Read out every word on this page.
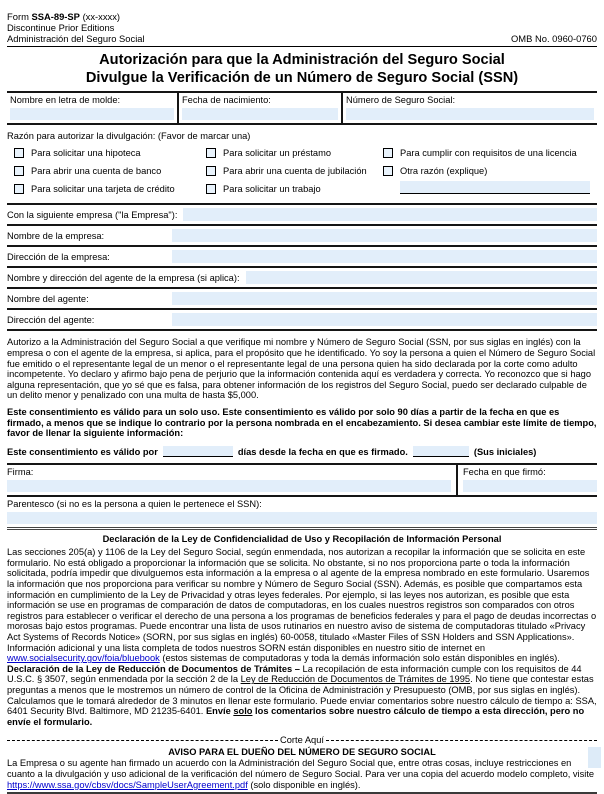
Form SSA-89-SP (xx-xxxx)
Discontinue Prior Editions
Administración del Seguro Social	OMB No. 0960-0760
Autorización para que la Administración del Seguro Social
Divulgue la Verificación de un Número de Seguro Social (SSN)
Nombre en letra de molde:	Fecha de nacimiento:	Número de Seguro Social:
Razón para autorizar la divulgación: (Favor de marcar una)
Para solicitar una hipoteca
Para abrir una cuenta de banco
Para solicitar una tarjeta de crédito
Para solicitar un préstamo
Para abrir una cuenta de jubilación
Para solicitar un trabajo
Para cumplir con requisitos de una licencia
Otra razón (explique)
Con la siguiente empresa ("la Empresa"):
Nombre de la empresa:
Dirección de la empresa:
Nombre y dirección del agente de la empresa (si aplica):
Nombre del agente:
Dirección del agente:

Autorizo a la Administración del Seguro Social a que verifique mi nombre y Número de Seguro Social (SSN, por sus siglas en inglés) con la empresa o con el agente de la empresa, si aplica, para el propósito que he identificado. Yo soy la persona a quien el Número de Seguro Social fue emitido o el representante legal de un menor o el representante legal de una persona quien ha sido declarada por la corte como adulto incompetente. Yo declaro y afirmo bajo pena de perjurio que la información contenida aquí es verdadera y correcta. Yo reconozco que si hago alguna representación, que yo sé que es falsa, para obtener información de los registros del Seguro Social, puedo ser declarado culpable de un delito menor y penalizado con una multa de hasta $5,000.

Este consentimiento es válido para un solo uso. Este consentimiento es válido por solo 90 días a partir de la fecha en que es firmado, a menos que se indique lo contrario por la persona nombrada en el encabezamiento. Si desea cambiar este límite de tiempo, favor de llenar la siguiente información:

Este consentimiento es válido por	días desde la fecha en que es firmado.	(Sus iniciales)
Firma:	Fecha en que firmó:
Parentesco (si no es la persona a quien le pertenece el SSN):
Declaración de la Ley de Confidencialidad de Uso y Recopilación de Información Personal
Las secciones 205(a) y 1106 de la Ley del Seguro Social, según enmendada, nos autorizan a recopilar la información que se solicita en este formulario. No está obligado a proporcionar la información que se solicita. No obstante, si no nos proporciona parte o toda la información solicitada, podría impedir que divulguemos esta información a la empresa o al agente de la empresa nombrado en este formulario. Usaremos la información que nos proporciona para verificar su nombre y Número de Seguro Social (SSN). Además, es posible que compartamos esta información en cumplimiento de la Ley de Privacidad y otras leyes federales. Por ejemplo, si las leyes nos autorizan, es posible que esta información se use en programas de comparación de datos de computadoras, en los cuales nuestros registros son comparados con otros registros para establecer o verificar el derecho de una persona a los programas de beneficios federales y para el pago de deudas incorrectas o morosas bajo estos programas. Puede encontrar una lista de usos rutinarios en nuestro aviso de sistema de computadoras titulado «Privacy Act Systems of Records Notice» (SORN, por sus siglas en inglés) 60-0058, titulado «Master Files of SSN Holders and SSN Applications». Información adicional y una lista completa de todos nuestros SORN están disponibles en nuestro sitio de internet en www.socialsecurity.gov/foia/bluebook (estos sistemas de computadoras y toda la demás información solo están disponibles en inglés).
Declaración de la Ley de Reducción de Documentos de Trámites – La recopilación de esta información cumple con los requisitos de 44 U.S.C. § 3507, según enmendada por la sección 2 de la Ley de Reducción de Documentos de Trámites de 1995. No tiene que contestar estas preguntas a menos que le mostremos un número de control de la Oficina de Administración y Presupuesto (OMB, por sus siglas en inglés). Calculamos que le tomará alrededor de 3 minutos en llenar este formulario. Puede enviar comentarios sobre nuestro cálculo de tiempo a: SSA, 6401 Security Blvd. Baltimore, MD 21235-6401. Envíe solo los comentarios sobre nuestro cálculo de tiempo a esta dirección, pero no envíe el formulario.
Corte Aquí
AVISO PARA EL DUEÑO DEL NÚMERO DE SEGURO SOCIAL
La Empresa o su agente han firmado un acuerdo con la Administración del Seguro Social que, entre otras cosas, incluye restricciones en cuanto a la divulgación y uso adicional de la verificación del número de Seguro Social. Para ver una copia del acuerdo modelo completo, visite https://www.ssa.gov/cbsv/docs/SampleUserAgreement.pdf (solo disponible en inglés).
